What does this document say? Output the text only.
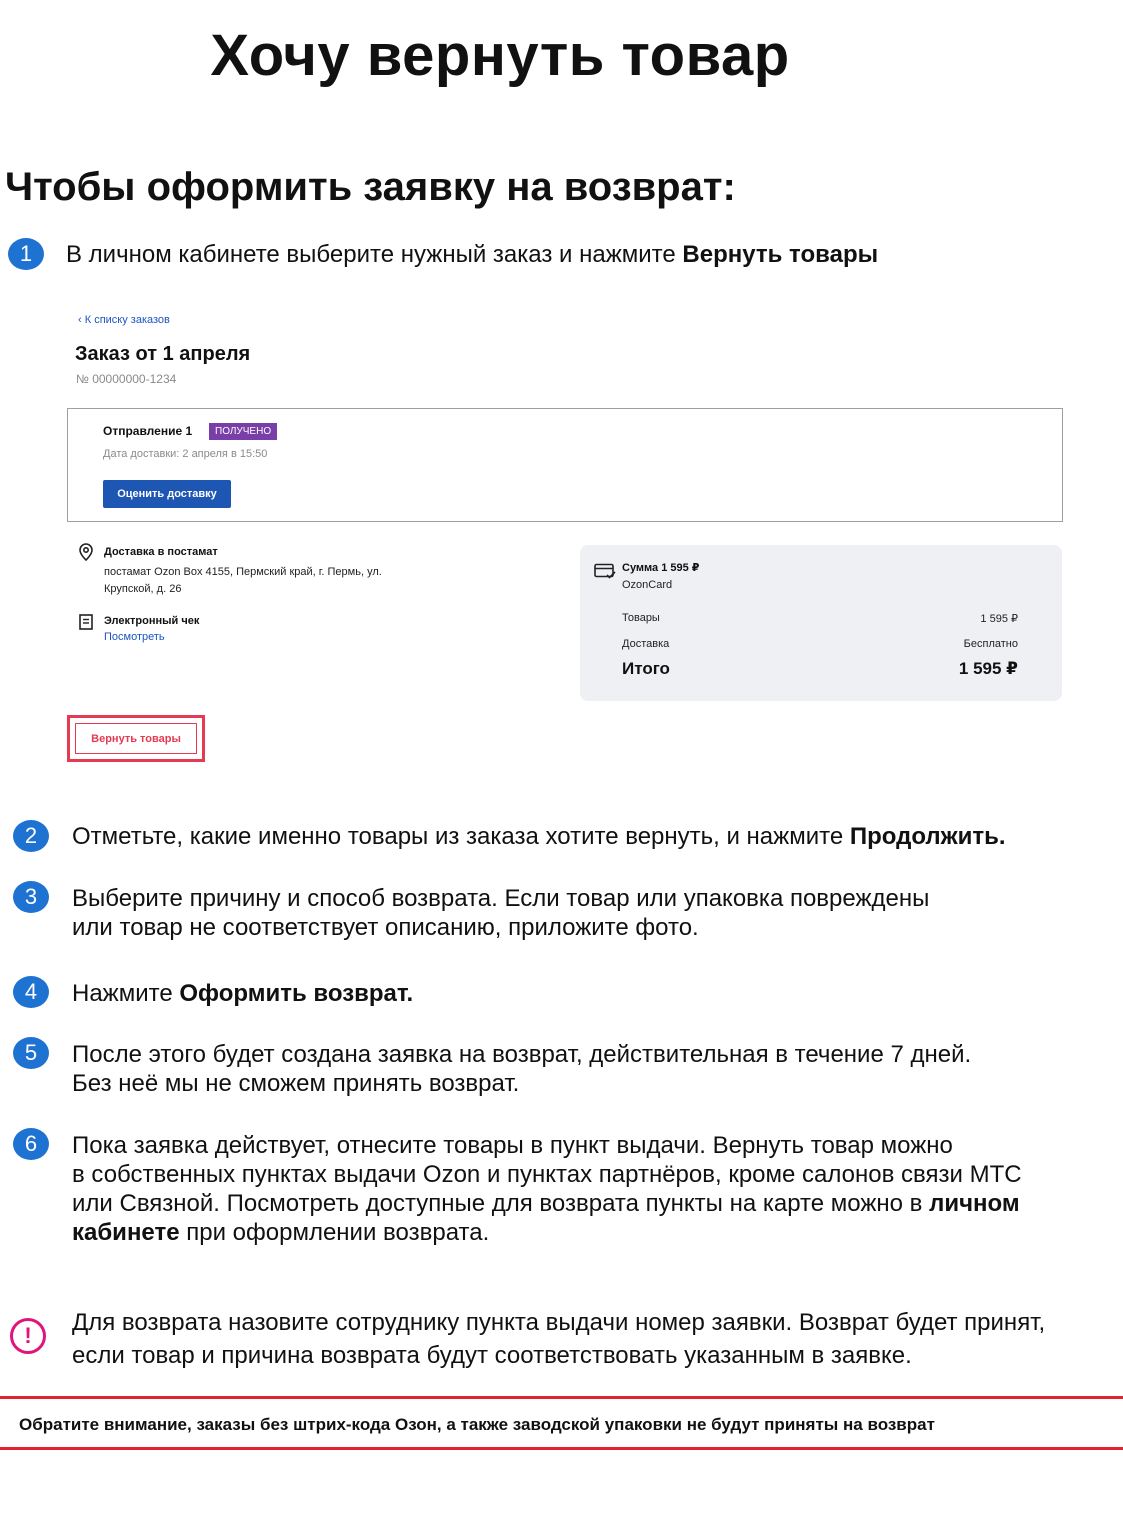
Хочу вернуть товар
Чтобы оформить заявку на возврат:
1	В личном кабинете выберите нужный заказ и нажмите Вернуть товары
‹ К списку заказов
Заказ от 1 апреля
№ 00000000-1234
Отправление 1	ПОЛУЧЕНО
Дата доставки: 2 апреля в 15:50
Оценить доставку
Доставка в постамат
постамат Ozon Box 4155, Пермский край, г. Пермь, ул.
Крупской, д. 26
Электронный чек
Посмотреть
Сумма 1 595 ₽
OzonCard
Товары	1 595 ₽
Доставка	Бесплатно
Итого	1 595 ₽
Вернуть товары
2	Отметьте, какие именно товары из заказа хотите вернуть, и нажмите Продолжить.
3	Выберите причину и способ возврата. Если товар или упаковка повреждены
или товар не соответствует описанию, приложите фото.
4	Нажмите Оформить возврат.
5	После этого будет создана заявка на возврат, действительная в течение 7 дней.
Без неё мы не сможем принять возврат.
6	Пока заявка действует, отнесите товары в пункт выдачи. Вернуть товар можно
в собственных пунктах выдачи Ozon и пунктах партнёров, кроме салонов связи МТС
или Связной. Посмотреть доступные для возврата пункты на карте можно в личном
кабинете при оформлении возврата.
!	Для возврата назовите сотруднику пункта выдачи номер заявки. Возврат будет принят,
если товар и причина возврата будут соответствовать указанным в заявке.
Обратите внимание, заказы без штрих-кода Озон, а также заводской упаковки не будут приняты на возврат
